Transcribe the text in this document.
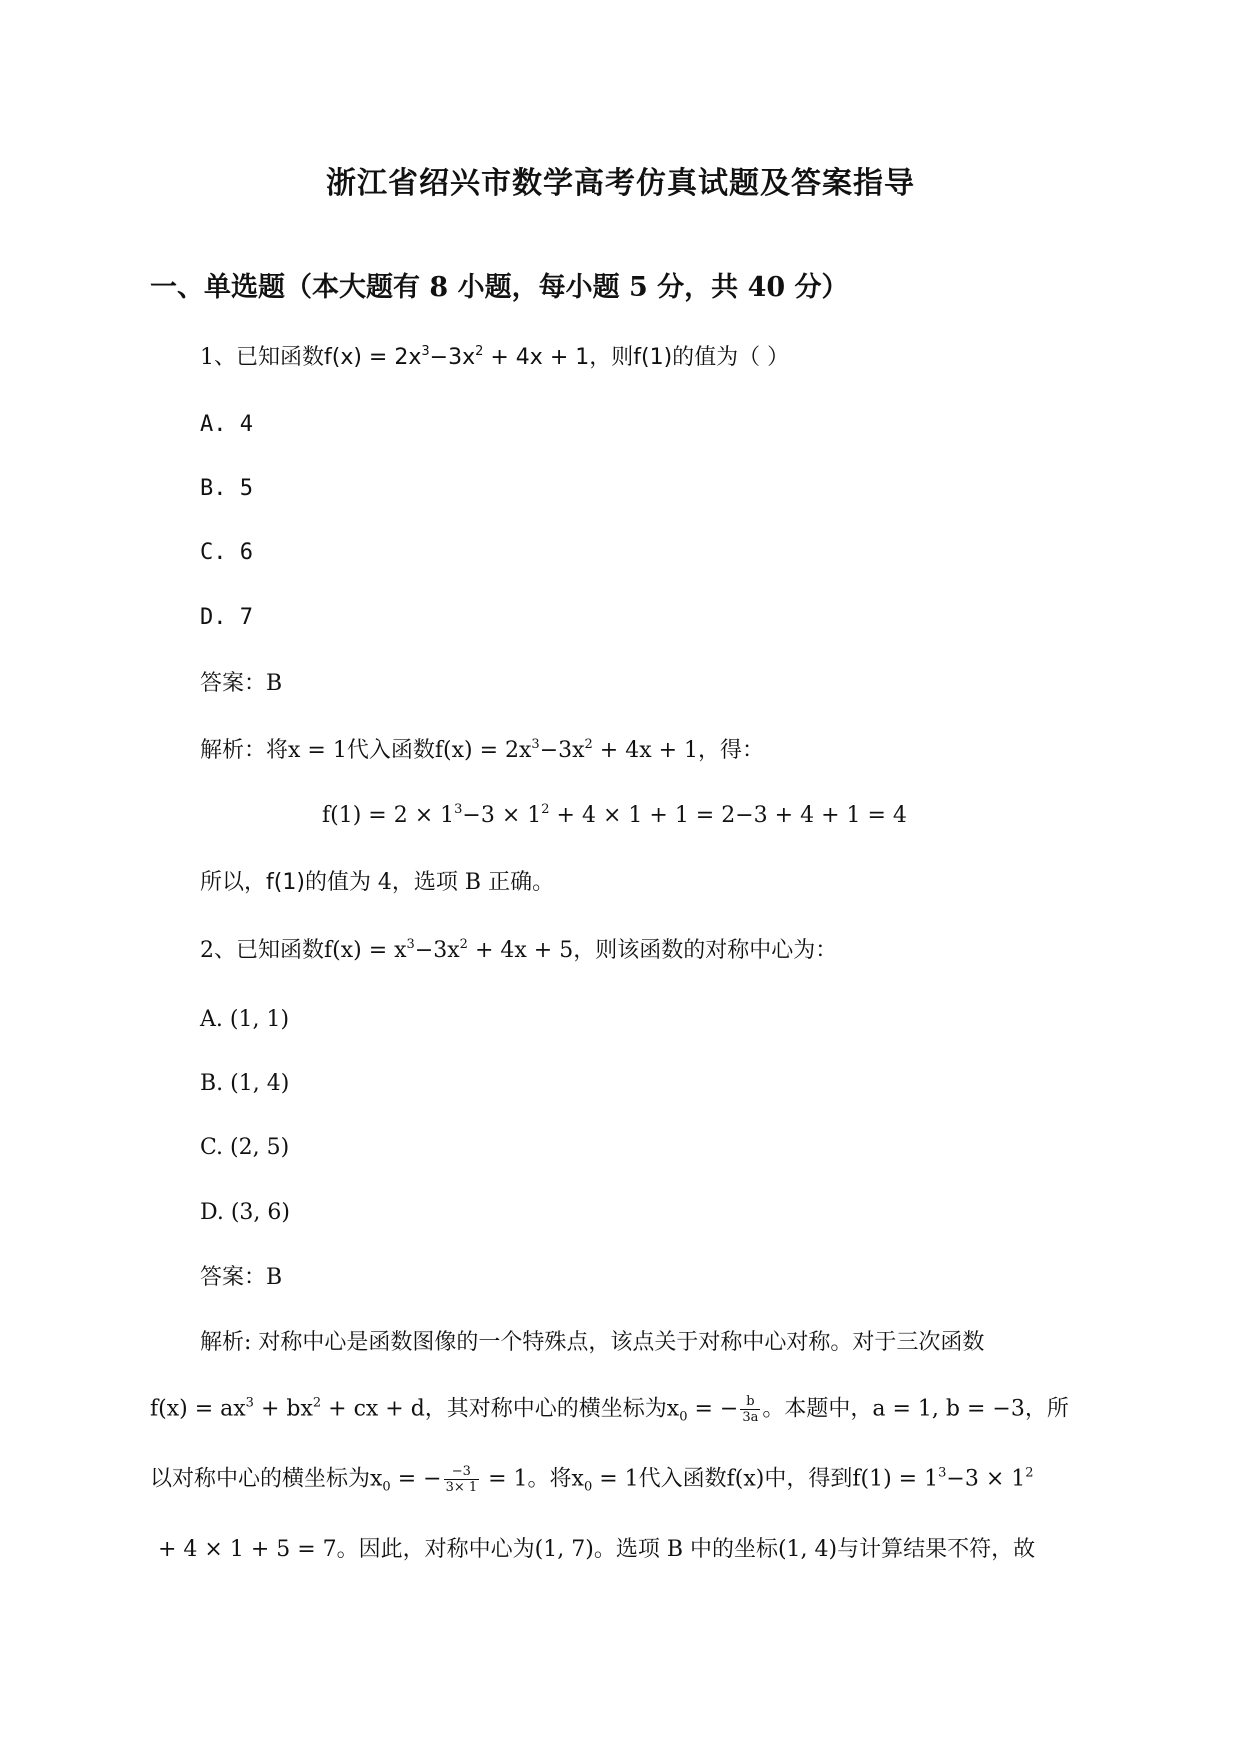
浙江省绍兴市数学高考仿真试题及答案指导
一、单选题（本大题有 8 小题，每小题 5 分，共 40 分）
1、已知函数$f(x) = 2x^3-3x^2 + 4x + 1$，则f(1)的值为（ ）
A. 4
B. 5
C. 6
D. 7
答案：B
解析：将x = 1代入函数$f(x) = 2x^3-3x^2 + 4x + 1$，得：
$f(1) = 2 \times 1^3-3 \times 1^2 + 4 \times 1 + 1 = 2-3 + 4 + 1 = 4$
所以，f(1)的值为 4，选项 B 正确。
2、已知函数$f(x) = x^3-3x^2 + 4x + 5$，则该函数的对称中心为：
A. (1, 1)
B. (1, 4)
C. (2, 5)
D. (3, 6)
答案：B
解析: 对称中心是函数图像的一个特殊点，该点关于对称中心对称。对于三次函数
$f(x) = ax^3 + bx^2$ + cx + d，其对称中心的横坐标为$x_0$ = − $\frac{b}{3a}$ 。本题中，a = 1, b = −3，所
以对称中心的横坐标为$x_0$ = − $\frac{-3}{3\times 1} = 1$。将$x_0 = 1$代入函数f(x)中，得到$f(1) = 1^3-3 \times 1^2$
+ 4 × 1 + 5 = 7。因此，对称中心为(1, 7)。选项 B 中的坐标(1, 4)与计算结果不符，故
